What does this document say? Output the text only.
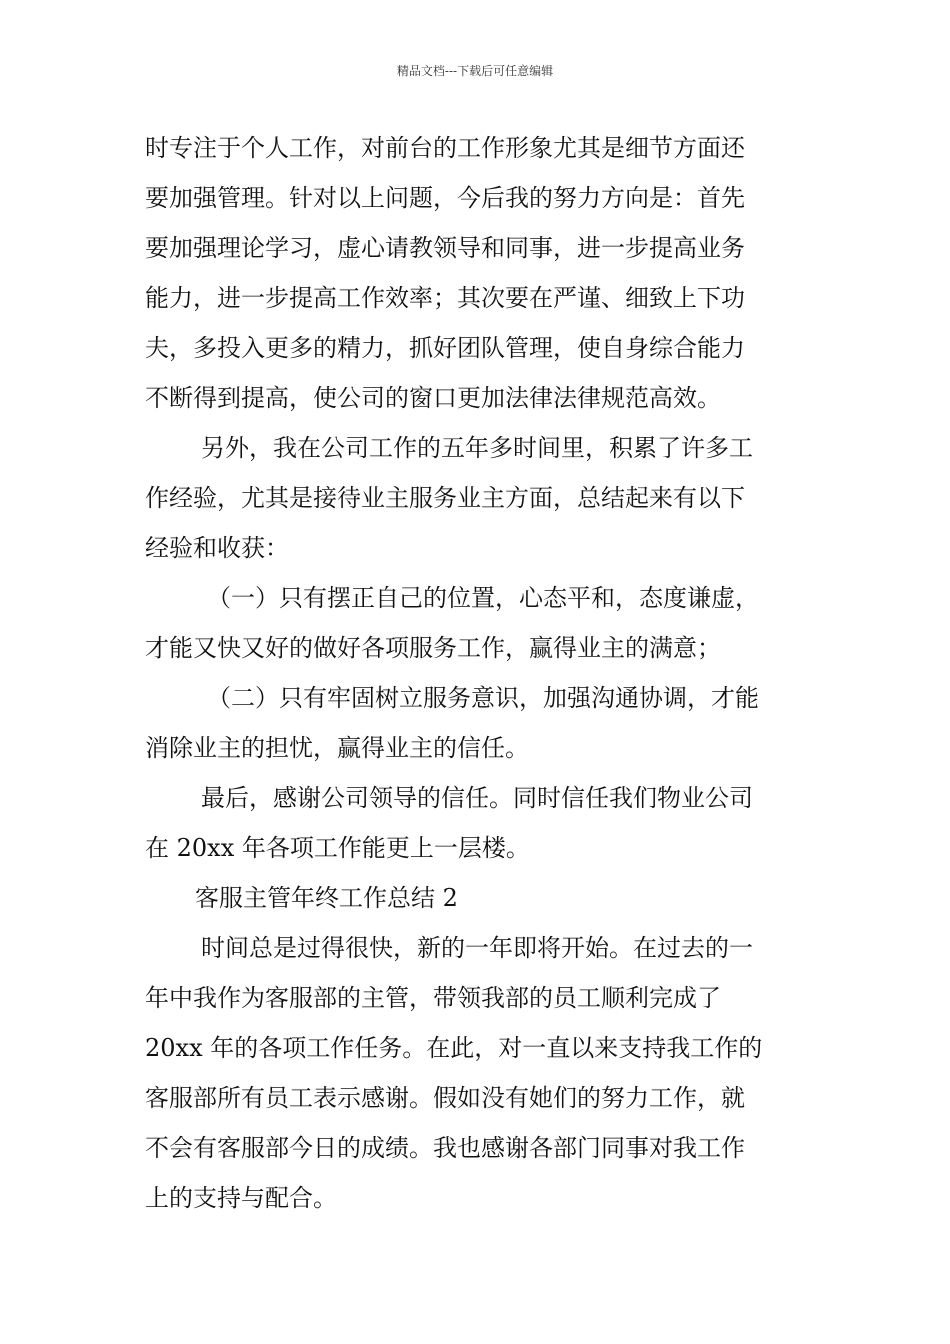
精品文档---下载后可任意编辑
时专注于个人工作，对前台的工作形象尤其是细节方面还
要加强管理。针对以上问题，今后我的努力方向是：首先
要加强理论学习，虚心请教领导和同事，进一步提高业务
能力，进一步提高工作效率；其次要在严谨、细致上下功
夫，多投入更多的精力，抓好团队管理，使自身综合能力
不断得到提高，使公司的窗口更加法律法律规范高效。
另外，我在公司工作的五年多时间里，积累了许多工
作经验，尤其是接待业主服务业主方面，总结起来有以下
经验和收获：
（一）只有摆正自己的位置，心态平和，态度谦虚，
才能又快又好的做好各项服务工作，赢得业主的满意；
（二）只有牢固树立服务意识，加强沟通协调，才能
消除业主的担忧，赢得业主的信任。
最后，感谢公司领导的信任。同时信任我们物业公司
在 20xx 年各项工作能更上一层楼。
客服主管年终工作总结 2
时间总是过得很快，新的一年即将开始。在过去的一
年中我作为客服部的主管，带领我部的员工顺利完成了
20xx 年的各项工作任务。在此，对一直以来支持我工作的
客服部所有员工表示感谢。假如没有她们的努力工作，就
不会有客服部今日的成绩。我也感谢各部门同事对我工作
上的支持与配合。
